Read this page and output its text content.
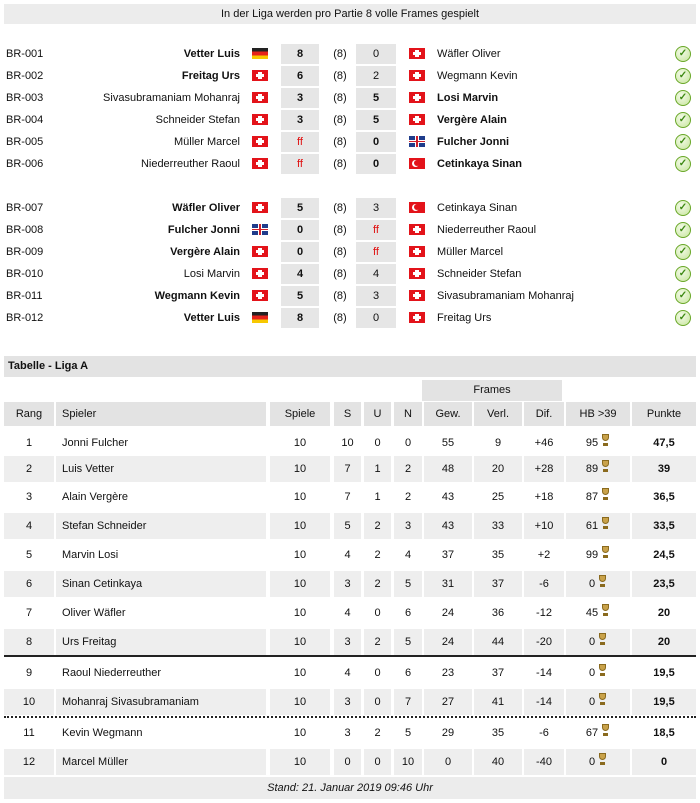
In der Liga werden pro Partie 8 volle Frames gespielt
BR-001	Vetter Luis	8	(8)	0	Wäfler Oliver	✓
BR-002	Freitag Urs	6	(8)	2	Wegmann Kevin	✓
BR-003	Sivasubramaniam Mohanraj	3	(8)	5	Losi Marvin	✓
BR-004	Schneider Stefan	3	(8)	5	Vergère Alain	✓
BR-005	Müller Marcel	ff	(8)	0	Fulcher Jonni	✓
BR-006	Niederreuther Raoul	ff	(8)	0	Cetinkaya Sinan	✓
BR-007	Wäfler Oliver	5	(8)	3	Cetinkaya Sinan	✓
BR-008	Fulcher Jonni	0	(8)	ff	Niederreuther Raoul	✓
BR-009	Vergère Alain	0	(8)	ff	Müller Marcel	✓
BR-010	Losi Marvin	4	(8)	4	Schneider Stefan	✓
BR-011	Wegmann Kevin	5	(8)	3	Sivasubramaniam Mohanraj	✓
BR-012	Vetter Luis	8	(8)	0	Freitag Urs	✓
Tabelle - Liga A
Frames
Rang	Spieler	Spiele	S	U	N	Gew.	Verl.	Dif.	HB >39	Punkte
1	Jonni Fulcher	10	10	0	0	55	9	+46	95	47,5
2	Luis Vetter	10	7	1	2	48	20	+28	89	39
3	Alain Vergère	10	7	1	2	43	25	+18	87	36,5
4	Stefan Schneider	10	5	2	3	43	33	+10	61	33,5
5	Marvin Losi	10	4	2	4	37	35	+2	99	24,5
6	Sinan Cetinkaya	10	3	2	5	31	37	-6	0	23,5
7	Oliver Wäfler	10	4	0	6	24	36	-12	45	20
8	Urs Freitag	10	3	2	5	24	44	-20	0	20
9	Raoul Niederreuther	10	4	0	6	23	37	-14	0	19,5
10	Mohanraj Sivasubramaniam	10	3	0	7	27	41	-14	0	19,5
11	Kevin Wegmann	10	3	2	5	29	35	-6	67	18,5
12	Marcel Müller	10	0	0	10	0	40	-40	0	0
Stand: 21. Januar 2019 09:46 Uhr
